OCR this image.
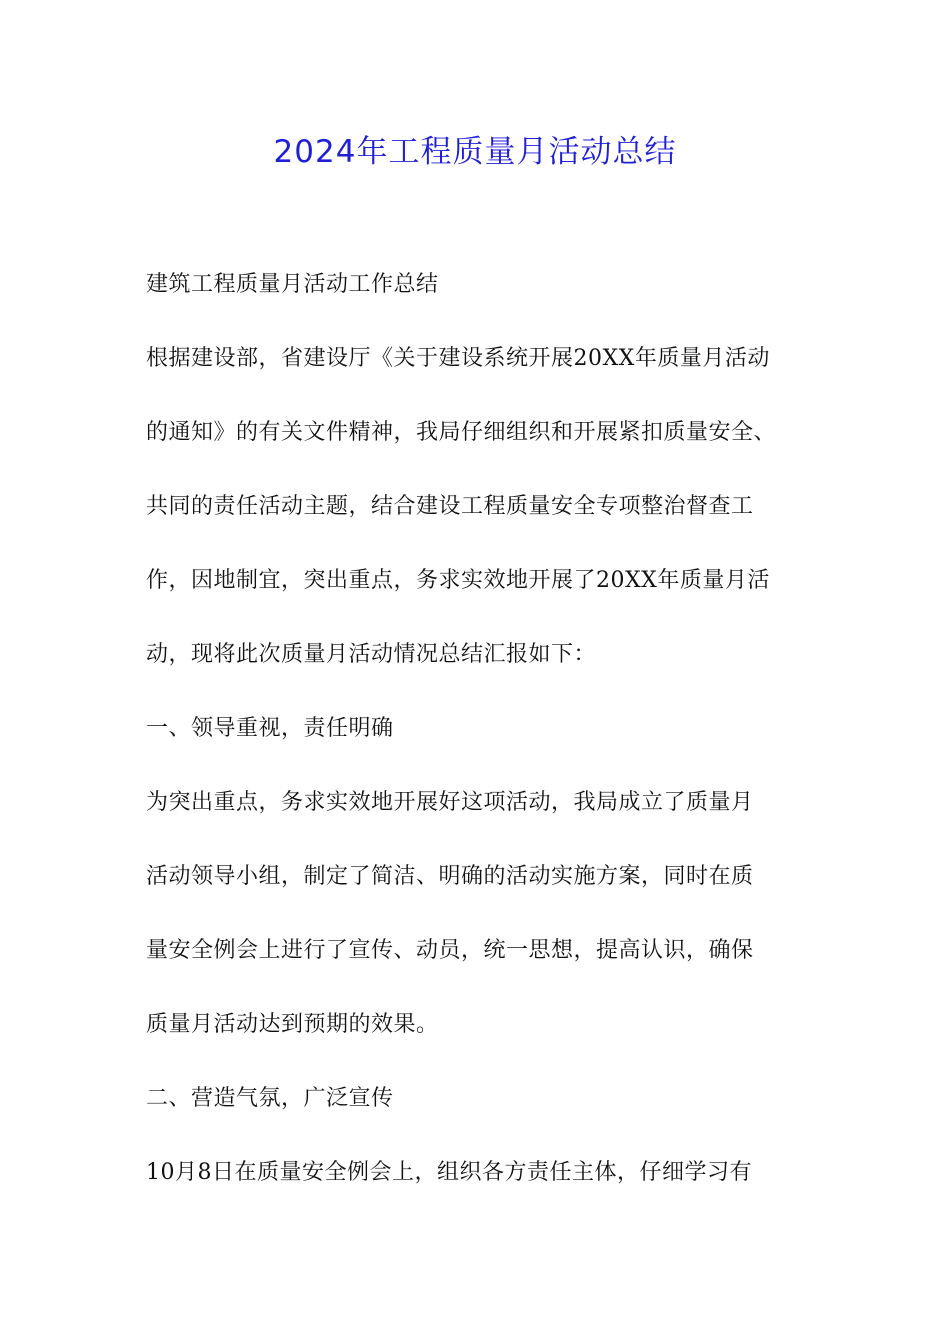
2024年工程质量月活动总结
建筑工程质量月活动工作总结
根据建设部，省建设厅《关于建设系统开展20XX年质量月活动
的通知》的有关文件精神，我局仔细组织和开展紧扣质量安全、
共同的责任活动主题，结合建设工程质量安全专项整治督查工
作，因地制宜，突出重点，务求实效地开展了20XX年质量月活
动，现将此次质量月活动情况总结汇报如下：
一、领导重视，责任明确
为突出重点，务求实效地开展好这项活动，我局成立了质量月
活动领导小组，制定了简洁、明确的活动实施方案，同时在质
量安全例会上进行了宣传、动员，统一思想，提高认识，确保
质量月活动达到预期的效果。
二、营造气氛，广泛宣传
10月8日在质量安全例会上，组织各方责任主体，仔细学习有
